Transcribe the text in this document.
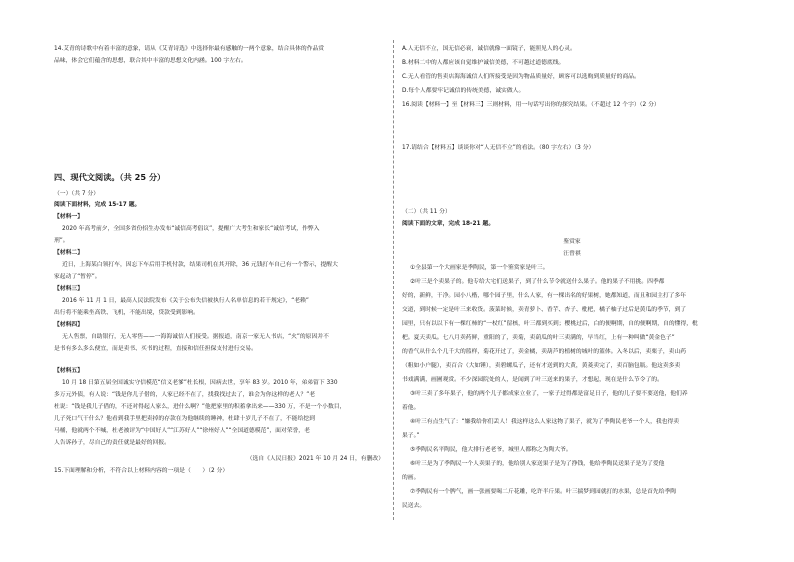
14.艾青的诗歌中有着丰富的意象，请从《艾青诗选》中选择你最有感触的一两个意象，结合具体的作品赏
品味，体会它们蕴含的思想，联合其中丰富的思想文化内涵。100 字左右。
四、现代文阅读。（共 25 分）
（一）（共 7 分）
阅读下面材料，完成 15-17 题。
【材料一】
2020 年高考前夕，全国多省份招生办发布“诚信高考倡议”，提醒广大考生和家长“诚信考试，作弊入
刑”。
【材料二】
近日，上海某白领打车，因忘下车后用手机付款，结果司机在其开除，36 元钱打车自己有一个警示，提醒大
家起动了“暂停”。
【材料三】
2016 年 11 月 1 日，最高人民法院发布《关于公布失信被执行人名单信息的若干规定》，“老赖”
出行将不能乘坐高铁、飞机，不能出境，贷款受到影响。
【材料四】
无人售票，自助银行，无人零售——一海海诚信人们接受。据报道，南京一家无人书店，“火”的原因并不
是书有多么多么便宜，而是卖书、买书的过程，直接和信任担保支付进行交易。
【材料五】
10 月 18 日第五届全国诚实守信模范“信义老爹”杜长根，因病去世，享年 83 岁。2010 年，弟弟留下 330
多万元外债，有人说：“钱是你儿子借的，人家已经不在了，找我找过去了，谁会为你这样的老人？”老
杜说：“钱是我儿子借的，不还对得起人家么，进什么啊？”他把家里的积蓄拿出来——330 万，不是一个小数目，
儿子死口气干什么？他看到我手里把卖掉的存款在为他继续的睡神，杜肆十岁儿子不在了，不能给挖到
马桶，他就两个不喊，杜老被评为“中国好人”“江苏好人”“徐州好人”“全国道德模范”，面对荣誉，老
人告诉孙子，尽自己的责任就是最好的回报。
（选自《人民日报》2021 年 10 月 24 日，有删改）
15.下面理解和分析，不符合以上材料内容的一项是（　　）（2 分）
A.人无信不立，国无信必衰，诚信就像一面镜子，能照见人的心灵。
B.材料二中的人都应该自觉维护诚信美德，不可越过道德底线。
C.无人看管的售卖店海海诚信人们所接受是因为物品质量好，顾客可以选购到质量好的商品。
D.每个人都要牢记诚信的传统美德，诚实做人。
16.阅读【材料一】至【材料三】三则材料，用一句话写出你的探究结果。（不超过 12 个字）（2 分）
17.请结合【材料五】谈谈你对“人无信不立”的看法。（80 字左右）（3 分）
（二）（共 11 分）
阅读下面的文章，完成 18-21 题。
鉴赏家
汪曾祺
①全县第一个大画家是季陶民，第一个鉴赏家是叶三。
②叶三是个卖果子的。他专给大宅们送果子，到了什么节令就送什么果子。他的果子不用挑。四季都
好的，新鲜，干净。园小八楷，哪个园子里，什么人家，有一棵出名的好果树，她都知道，而且和园主打了多年
交道，到时候一定是叶三来收货。菠菜时候，卖青萝卜、香芋、杏子、枇杷，橘子柚子过后是黄瓜的季节，到了
园里，只有以以下有一棵红柿的“一杖红”留核，叶三都到买到；樱桃过后，白的便啊期，自的便啊期，自的懂得，枇
杷。夏天卖瓜。七八月卖药鲜，重阳的了，卖菊，卖葫瓜的叶三卖满的，早当红，上有一种叫做“黄金色子”
的香气从什么个几千大的篮样，菊花开过了，卖金橘，卖葫芦的植树的城叶的篮体。入冬以后，卖栗子，卖山药
（粗如小户腿），卖百合（大如锤），卖碧螺瓜子，还有才送到的大黄，黄菱卖完了，卖百脑包瓶。他这卖多卖
书戏满满，画圃观赏。不少深园院处的人，是闻到了叶三送来的果子，才想起，现在是什么节令了的。
③叶三卖了多年果子，他的两个儿子都成家立业了，一家子过得都是富足日子，他的儿子要不要送他，他们养
着他。
④叶三有点生气了：“嫌我给你们丢人！我这样这么人家这物了果子，就为了季陶民老爷一个人，我也得卖
果子。”
⑤季陶民名平陶民，他大排行老老爷，城里人都称之为陶大爷。
⑥叶三是为了季陶民一个人卖果子的，他给别人家送果子是为了挣钱，他给季陶民送果子是为了爱他
的画。
⑦季陶民有一个脾气，画一张画要喝二斤花雕，吃许半斤果。叶三揣梦到园就打的水果，总是首先给季陶
民送去。
